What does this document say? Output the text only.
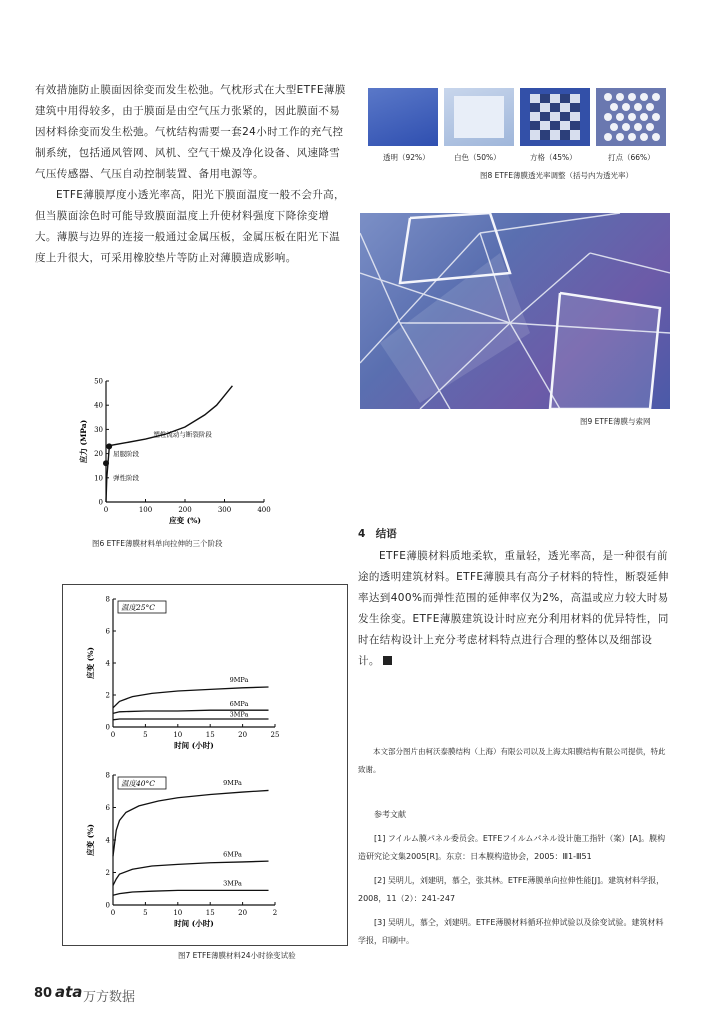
有效措施防止膜面因徐变而发生松弛。气枕形式在大型ETFE薄膜建筑中用得较多，由于膜面是由空气压力张紧的，因此膜面不易因材料徐变而发生松弛。气枕结构需要一套24小时工作的充气控制系统，包括通风管网、风机、空气干燥及净化设备、风速降雪气压传感器、气压自动控制装置、备用电源等。

ETFE薄膜厚度小透光率高，阳光下膜面温度一般不会升高，但当膜面涂色时可能导致膜面温度上升使材料强度下降徐变增大。薄膜与边界的连接一般通过金属压板，金属压板在阳光下温度上升很大，可采用橡胶垫片等防止对薄膜造成影响。

透明（92%）	白色（50%）	方格（45%）	打点（66%）
图8 ETFE薄膜透光率调整（括号内为透光率）
图9 ETFE薄膜与索网
0	100	200	300	400
0
10
20
30
40
50
应变 (%)
应力 (MPa)	塑性流动与断裂阶段
屈服阶段
弹性阶段
图6 ETFE薄膜材料单向拉伸的三个阶段
0	5	10	15	20	25
0
2
4
6
8
时间 (小时)
应变 (%)
温度25°C
9MPa
6MPa
3MPa
0	5	10	15	20	2
0
2
4
6
8
时间 (小时)
应变 (%)
温度40°C	9MPa
6MPa
3MPa
图7 ETFE薄膜材料24小时徐变试验
4　结语

ETFE薄膜材料质地柔软，重量轻，透光率高，是一种很有前途的透明建筑材料。ETFE薄膜具有高分子材料的特性，断裂延伸率达到400%而弹性范围的延伸率仅为2%，高温或应力较大时易发生徐变。ETFE薄膜建筑设计时应充分利用材料的优异特性，同时在结构设计上充分考虑材料特点进行合理的整体以及细部设计。

本文部分图片由柯沃泰膜结构（上海）有限公司以及上海太阳膜结构有限公司提供，特此致谢。
参考文献
[1] フイルム膜パネル委员会。ETFEフイルムパネル设计施工指针（案）[A]。膜构造研究论文集2005[R]。东京：日本膜构造协会，2005：Ⅲ1-Ⅲ51
[2] 吴明儿，刘建明，慕仝，张其林。ETFE薄膜单向拉伸性能[J]。建筑材料学报，2008，11（2）：241-247
[3] 吴明儿，慕仝，刘建明。ETFE薄膜材料循环拉伸试验以及徐变试验。建筑材料学报，印刷中。
80 ata 万方数据
